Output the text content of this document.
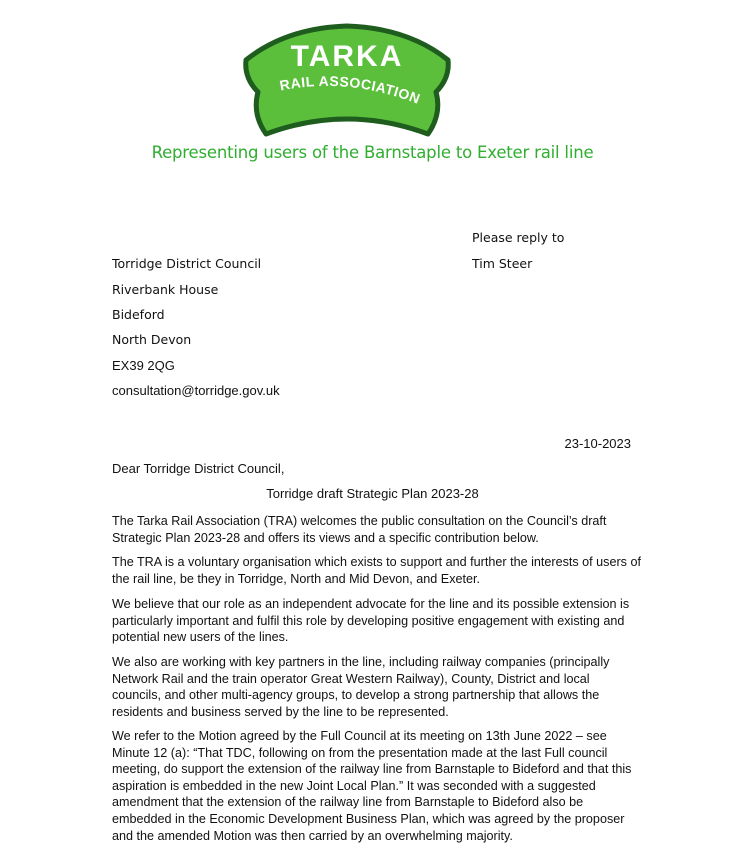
TARKA
RAIL ASSOCIATION
Representing users of the Barnstaple to Exeter rail line
Please reply to
Tim Steer
Torridge District Council
Riverbank House
Bideford
North Devon
EX39 2QG
consultation@torridge.gov.uk
23-10-2023
Dear Torridge District Council,
Torridge draft Strategic Plan 2023-28
The Tarka Rail Association (TRA) welcomes the public consultation on the Council’s draft Strategic Plan 2023-28 and offers its views and a specific contribution below.
The TRA is a voluntary organisation which exists to support and further the interests of users of the rail line, be they in Torridge, North and Mid Devon, and Exeter.
We believe that our role as an independent advocate for the line and its possible extension is particularly important and fulfil this role by developing positive engagement with existing and potential new users of the lines.
We also are working with key partners in the line, including railway companies (principally Network Rail and the train operator Great Western Railway), County, District and local councils, and other multi-agency groups, to develop a strong partnership that allows the residents and business served by the line to be represented.
We refer to the Motion agreed by the Full Council at its meeting on 13th June 2022 – see Minute 12 (a): “That TDC, following on from the presentation made at the last Full council meeting, do support the extension of the railway line from Barnstaple to Bideford and that this aspiration is embedded in the new Joint Local Plan.” It was seconded with a suggested amendment that the extension of the railway line from Barnstaple to Bideford also be embedded in the Economic Development Business Plan, which was agreed by the proposer and the amended Motion was then carried by an overwhelming majority.
